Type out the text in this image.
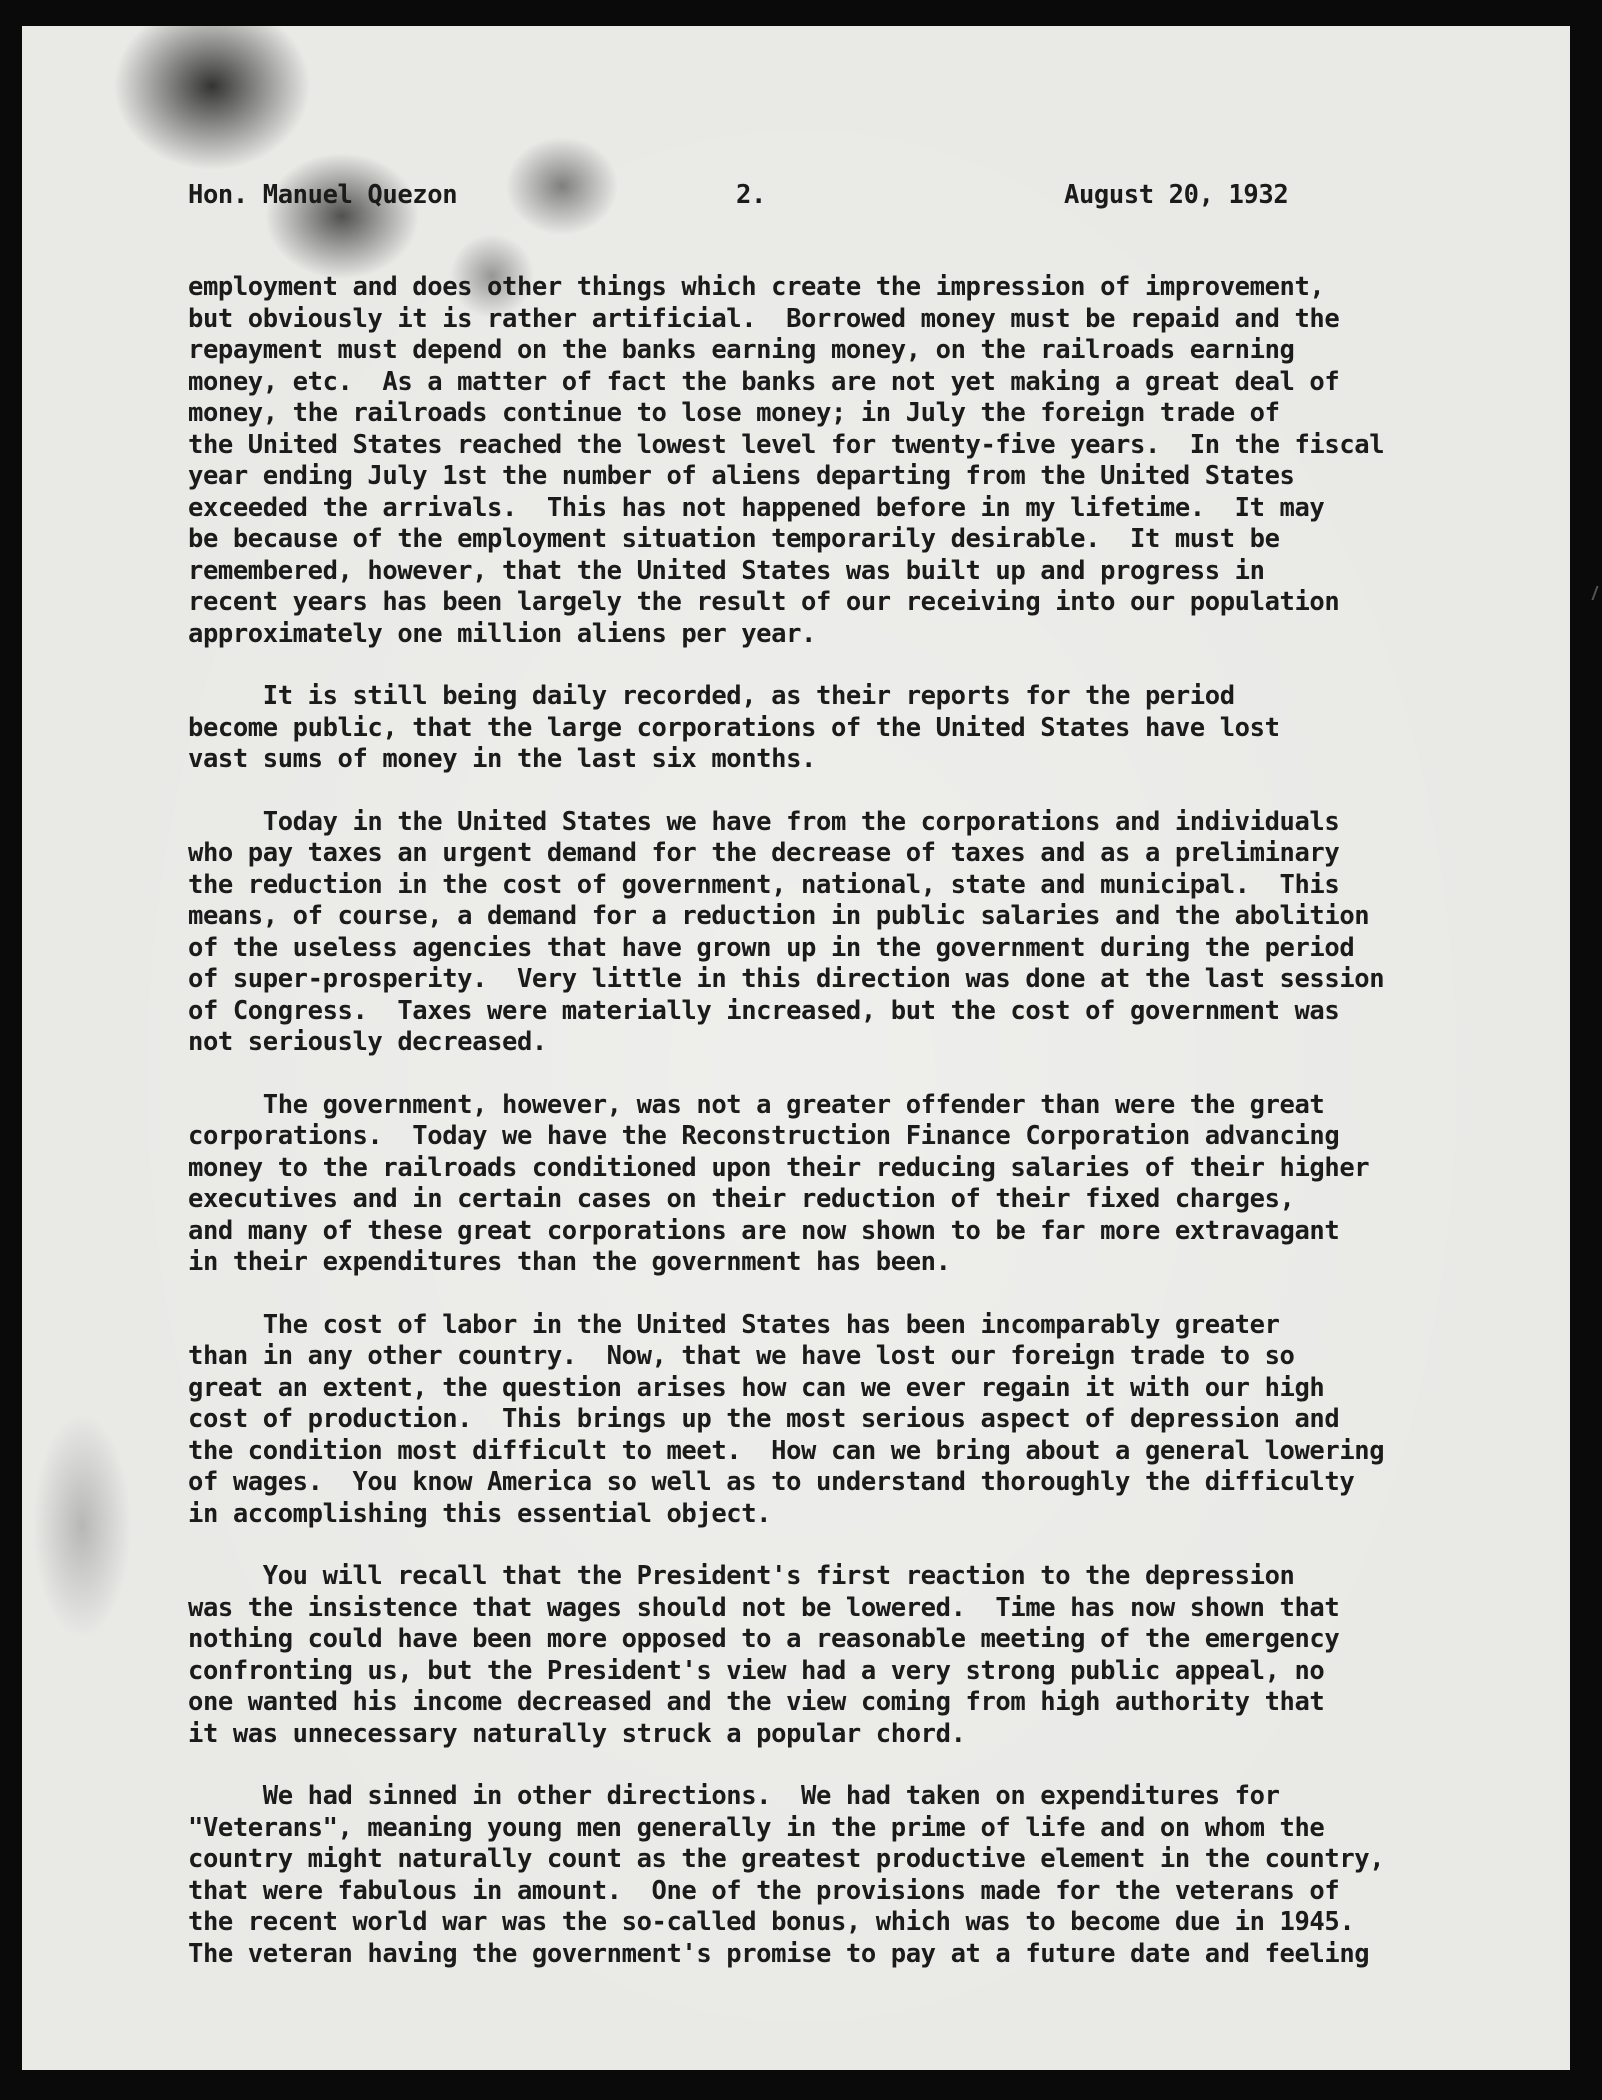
Hon. Manuel Quezon

	2.

	August 20, 1932

employment and does other things which create the impression of improvement,
but obviously it is rather artificial.  Borrowed money must be repaid and the
repayment must depend on the banks earning money, on the railroads earning
money, etc.  As a matter of fact the banks are not yet making a great deal of
money, the railroads continue to lose money; in July the foreign trade of
the United States reached the lowest level for twenty-five years.  In the fiscal
year ending July 1st the number of aliens departing from the United States
exceeded the arrivals.  This has not happened before in my lifetime.  It may
be because of the employment situation temporarily desirable.  It must be
remembered, however, that the United States was built up and progress in
recent years has been largely the result of our receiving into our population
approximately one million aliens per year.
It is still being daily recorded, as their reports for the period
become public, that the large corporations of the United States have lost
vast sums of money in the last six months.
Today in the United States we have from the corporations and individuals
who pay taxes an urgent demand for the decrease of taxes and as a preliminary
the reduction in the cost of government, national, state and municipal.  This
means, of course, a demand for a reduction in public salaries and the abolition
of the useless agencies that have grown up in the government during the period
of super-prosperity.  Very little in this direction was done at the last session
of Congress.  Taxes were materially increased, but the cost of government was
not seriously decreased.
The government, however, was not a greater offender than were the great
corporations.  Today we have the Reconstruction Finance Corporation advancing
money to the railroads conditioned upon their reducing salaries of their higher
executives and in certain cases on their reduction of their fixed charges,
and many of these great corporations are now shown to be far more extravagant
in their expenditures than the government has been.
The cost of labor in the United States has been incomparably greater
than in any other country.  Now, that we have lost our foreign trade to so
great an extent, the question arises how can we ever regain it with our high
cost of production.  This brings up the most serious aspect of depression and
the condition most difficult to meet.  How can we bring about a general lowering
of wages.  You know America so well as to understand thoroughly the difficulty
in accomplishing this essential object.
You will recall that the President's first reaction to the depression
was the insistence that wages should not be lowered.  Time has now shown that
nothing could have been more opposed to a reasonable meeting of the emergency
confronting us, but the President's view had a very strong public appeal, no
one wanted his income decreased and the view coming from high authority that
it was unnecessary naturally struck a popular chord.
We had sinned in other directions.  We had taken on expenditures for
"Veterans", meaning young men generally in the prime of life and on whom the
country might naturally count as the greatest productive element in the country,
that were fabulous in amount.  One of the provisions made for the veterans of
the recent world war was the so-called bonus, which was to become due in 1945.
The veteran having the government's promise to pay at a future date and feeling
